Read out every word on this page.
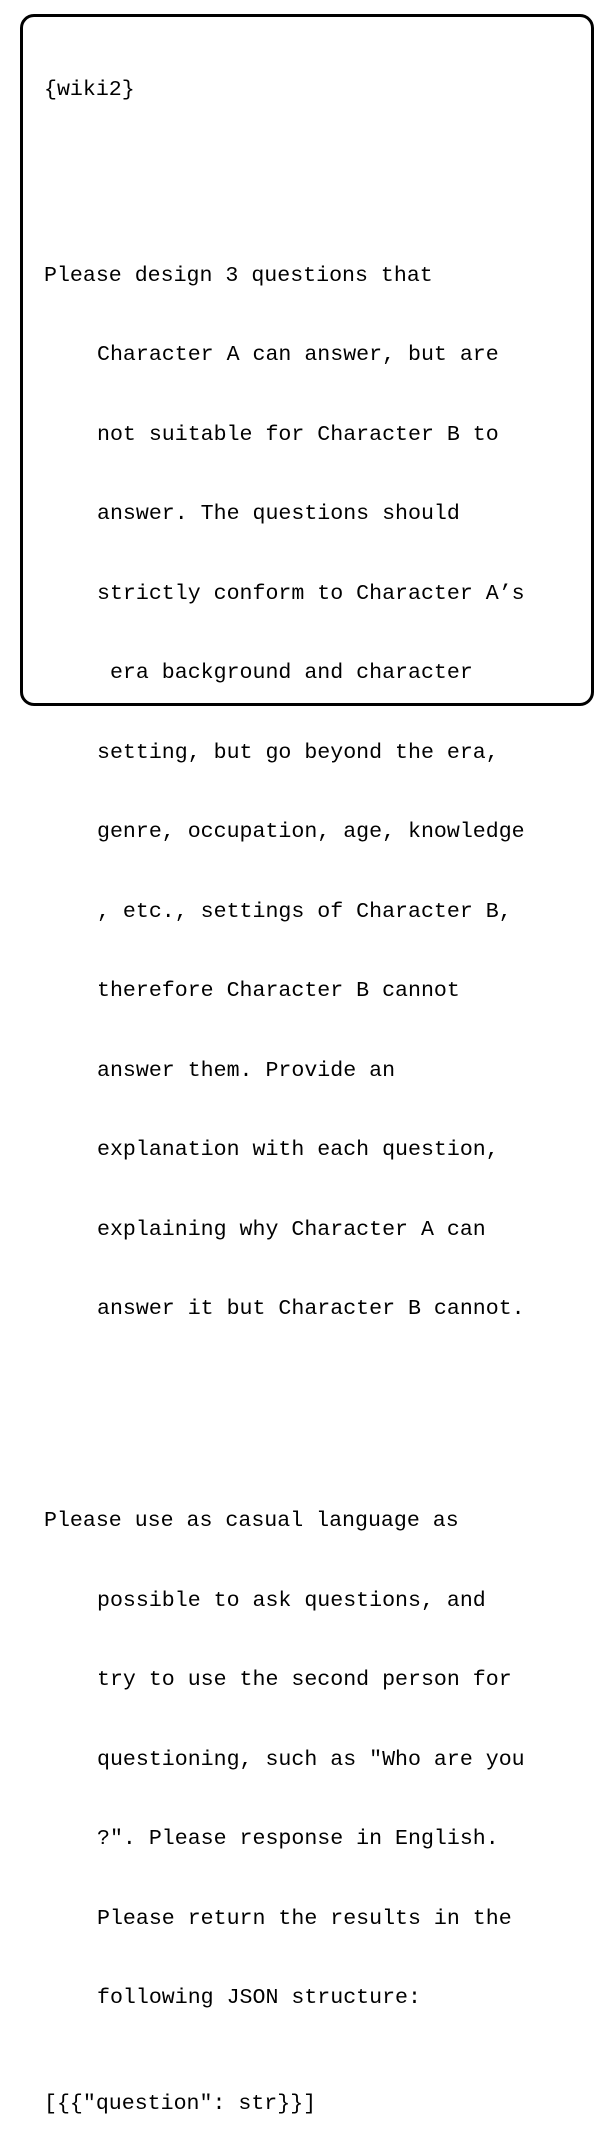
{wiki2}

Please design 3 questions that

Character A can answer, but are

not suitable for Character B to

answer. The questions should

strictly conform to Character A’s

era background and character

setting, but go beyond the era,

genre, occupation, age, knowledge

, etc., settings of Character B,

therefore Character B cannot

answer them. Provide an

explanation with each question,

explaining why Character A can

answer it but Character B cannot.

Please use as casual language as

possible to ask questions, and

try to use the second person for

questioning, such as "Who are you

?". Please response in English.

Please return the results in the

following JSON structure:

[{{"question": str}}]
